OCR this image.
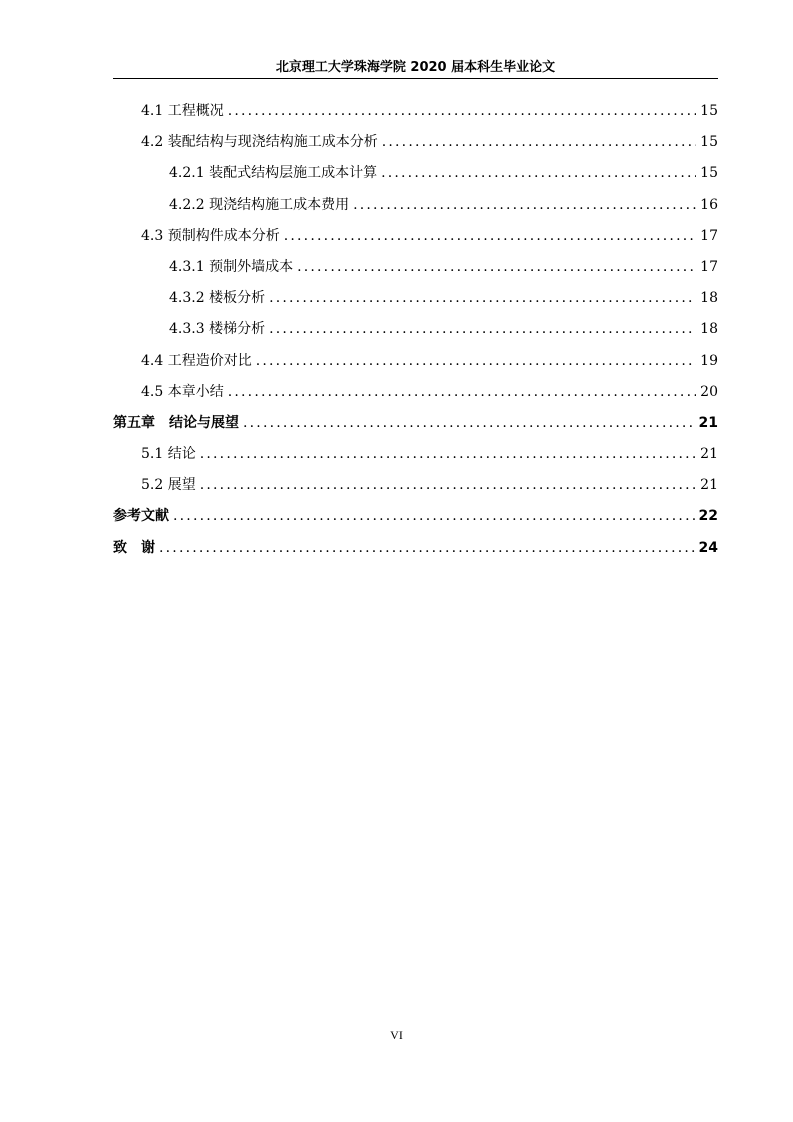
北京理工大学珠海学院 2020 届本科生毕业论文
4.1 工程概况 .....	15
4.2 装配结构与现浇结构施工成本分析 .....	15
4.2.1 装配式结构层施工成本计算 .....	15
4.2.2 现浇结构施工成本费用 .....	16
4.3 预制构件成本分析 .....	17
4.3.1 预制外墙成本 .....	17
4.3.2 楼板分析 .....	18
4.3.3 楼梯分析 .....	18
4.4 工程造价对比 .....	19
4.5 本章小结 .....	20
第五章　结论与展望 .....	21
5.1 结论 .....	21
5.2 展望 .....	21
参考文献 .....	22
致　谢 .....	24
VI
